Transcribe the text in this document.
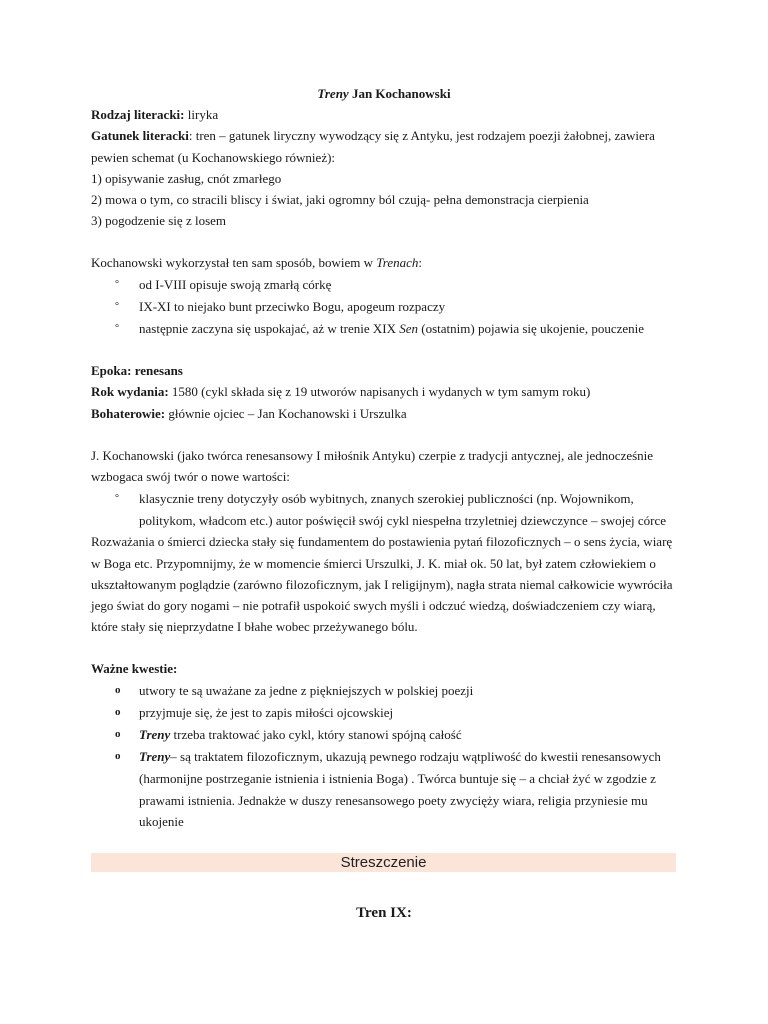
Treny Jan Kochanowski
Rodzaj literacki: liryka
Gatunek literacki: tren – gatunek liryczny wywodzący się z Antyku, jest rodzajem poezji żałobnej, zawiera
pewien schemat (u Kochanowskiego również):
1) opisywanie zasług, cnót zmarłego
2) mowa o tym, co stracili bliscy i świat, jaki ogromny ból czują- pełna demonstracja cierpienia
3) pogodzenie się z losem
Kochanowski wykorzystał ten sam sposób, bowiem w Trenach:
° od I-VIII opisuje swoją zmarłą córkę
° IX-XI to niejako bunt przeciwko Bogu, apogeum rozpaczy
° następnie zaczyna się uspokajać, aż w trenie XIX Sen (ostatnim) pojawia się ukojenie, pouczenie
Epoka: renesans
Rok wydania: 1580 (cykl składa się z 19 utworów napisanych i wydanych w tym samym roku)
Bohaterowie: głównie ojciec – Jan Kochanowski i Urszulka
J. Kochanowski (jako twórca renesansowy I miłośnik Antyku) czerpie z tradycji antycznej, ale jednocześnie
wzbogaca swój twór o nowe wartości:
° klasycznie treny dotyczyły osób wybitnych, znanych szerokiej publiczności (np. Wojownikom,
politykom, władcom etc.) autor poświęcił swój cykl niespełna trzyletniej dziewczynce – swojej córce
Rozważania o śmierci dziecka stały się fundamentem do postawienia pytań filozoficznych – o sens życia, wiarę
w Boga etc. Przypomnijmy, że w momencie śmierci Urszulki, J. K. miał ok. 50 lat, był zatem człowiekiem o
ukształtowanym poglądzie (zarówno filozoficznym, jak I religijnym), nagła strata niemal całkowicie wywróciła
jego świat do gory nogami – nie potrafił uspokoić swych myśli i odczuć wiedzą, doświadczeniem czy wiarą,
które stały się nieprzydatne I błahe wobec przeżywanego bólu.
Ważne kwestie:
o utwory te są uważane za jedne z piękniejszych w polskiej poezji
o przyjmuje się, że jest to zapis miłości ojcowskiej
o Treny trzeba traktować jako cykl, który stanowi spójną całość
o Treny– są traktatem filozoficznym, ukazują pewnego rodzaju wątpliwość do kwestii renesansowych
(harmonijne postrzeganie istnienia i istnienia Boga) . Twórca buntuje się – a chciał żyć w zgodzie z
prawami istnienia. Jednakże w duszy renesansowego poety zwycięży wiara, religia przyniesie mu
ukojenie
Streszczenie
Tren IX:
